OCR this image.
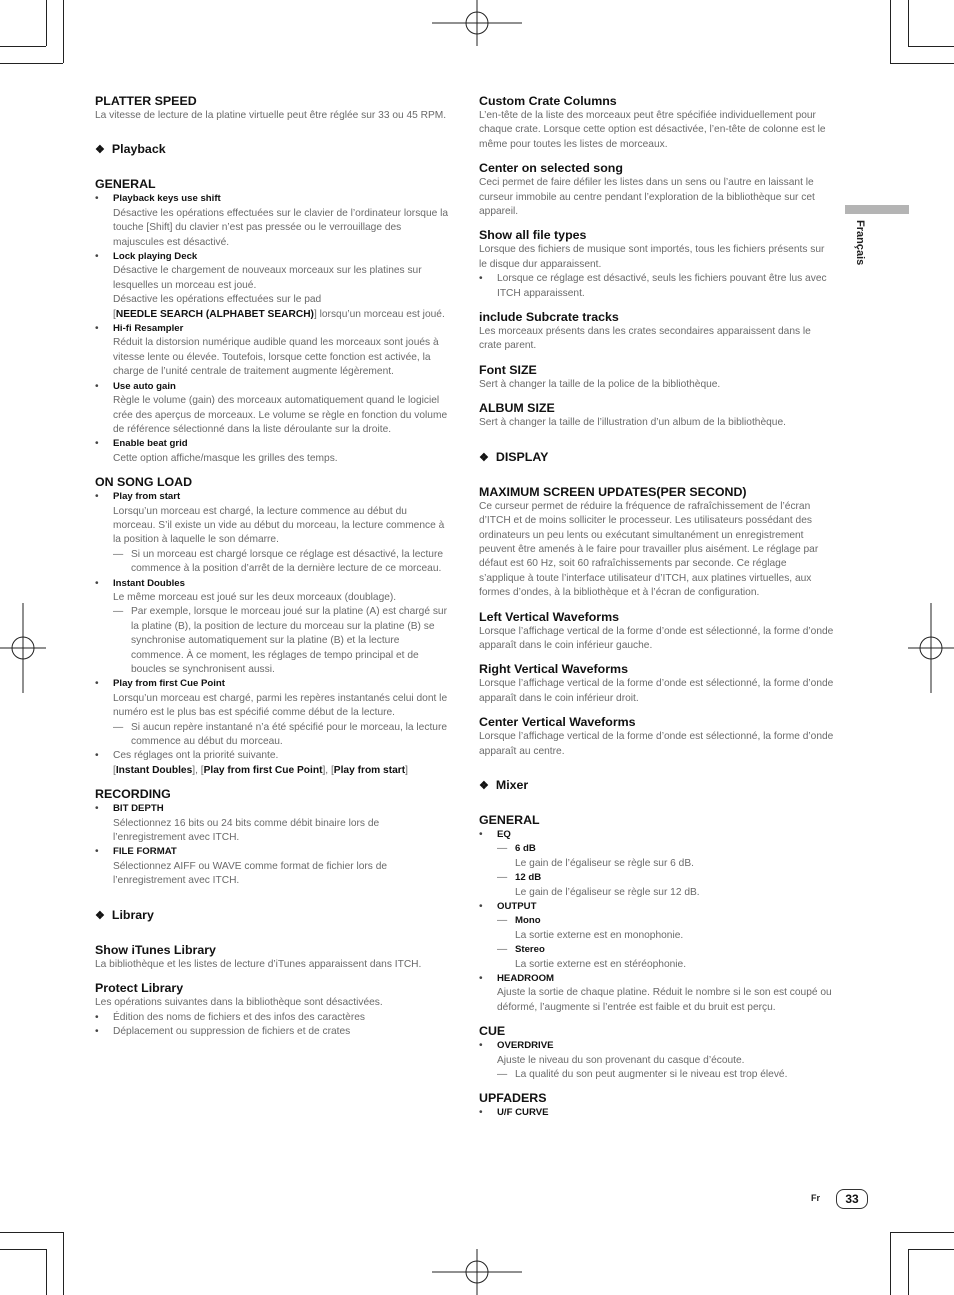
Français
PLATTER SPEED
La vitesse de lecture de la platine virtuelle peut être réglée sur 33 ou 45 RPM.
❖ Playback
GENERAL
•	Playback keys use shift
Désactive les opérations effectuées sur le clavier de l’ordinateur lorsque la touche [Shift] du clavier n’est pas pressée ou le verrouillage des majuscules est désactivé.
•	Lock playing Deck
Désactive le chargement de nouveaux morceaux sur les platines sur lesquelles un morceau est joué.
Désactive les opérations effectuées sur le pad
[NEEDLE SEARCH (ALPHABET SEARCH)] lorsqu’un morceau est joué.
•	Hi-fi Resampler
Réduit la distorsion numérique audible quand les morceaux sont joués à vitesse lente ou élevée. Toutefois, lorsque cette fonction est activée, la charge de l’unité centrale de traitement augmente légèrement.
•	Use auto gain
Règle le volume (gain) des morceaux automatiquement quand le logiciel crée des aperçus de morceaux. Le volume se règle en fonction du volume de référence sélectionné dans la liste déroulante sur la droite.
•	Enable beat grid
Cette option affiche/masque les grilles des temps.
ON SONG LOAD
•	Play from start
Lorsqu’un morceau est chargé, la lecture commence au début du morceau. S’il existe un vide au début du morceau, la lecture commence à la position à laquelle le son démarre.
— Si un morceau est chargé lorsque ce réglage est désactivé, la lecture commence à la position d’arrêt de la dernière lecture de ce morceau.
•	Instant Doubles
Le même morceau est joué sur les deux morceaux (doublage).
— Par exemple, lorsque le morceau joué sur la platine (A) est chargé sur la platine (B), la position de lecture du morceau sur la platine (B) se synchronise automatiquement sur la platine (B) et la lecture commence. À ce moment, les réglages de tempo principal et de boucles se synchronisent aussi.
•	Play from first Cue Point
Lorsqu’un morceau est chargé, parmi les repères instantanés celui dont le numéro est le plus bas est spécifié comme début de la lecture.
— Si aucun repère instantané n’a été spécifié pour le morceau, la lecture commence au début du morceau.
•	Ces réglages ont la priorité suivante.
[Instant Doubles], [Play from first Cue Point], [Play from start]
RECORDING
•	BIT DEPTH
Sélectionnez 16 bits ou 24 bits comme débit binaire lors de l’enregistrement avec ITCH.
•	FILE FORMAT
Sélectionnez AIFF ou WAVE comme format de fichier lors de l’enregistrement avec ITCH.
❖ Library
Show iTunes Library
La bibliothèque et les listes de lecture d’iTunes apparaissent dans ITCH.
Protect Library
Les opérations suivantes dans la bibliothèque sont désactivées.
•	Édition des noms de fichiers et des infos des caractères
•	Déplacement ou suppression de fichiers et de crates
Custom Crate Columns
L’en-tête de la liste des morceaux peut être spécifiée individuellement pour chaque crate. Lorsque cette option est désactivée, l’en-tête de colonne est le même pour toutes les listes de morceaux.
Center on selected song
Ceci permet de faire défiler les listes dans un sens ou l’autre en laissant le curseur immobile au centre pendant l’exploration de la bibliothèque sur cet appareil.
Show all file types
Lorsque des fichiers de musique sont importés, tous les fichiers présents sur le disque dur apparaissent.
•	Lorsque ce réglage est désactivé, seuls les fichiers pouvant être lus avec ITCH apparaissent.
include Subcrate tracks
Les morceaux présents dans les crates secondaires apparaissent dans le crate parent.
Font SIZE
Sert à changer la taille de la police de la bibliothèque.
ALBUM SIZE
Sert à changer la taille de l’illustration d’un album de la bibliothèque.
❖ DISPLAY
MAXIMUM SCREEN UPDATES(PER SECOND)
Ce curseur permet de réduire la fréquence de rafraîchissement de l’écran d’ITCH et de moins solliciter le processeur. Les utilisateurs possédant des ordinateurs un peu lents ou exécutant simultanément un enregistrement peuvent être amenés à le faire pour travailler plus aisément. Le réglage par défaut est 60 Hz, soit 60 rafraîchissements par seconde. Ce réglage s’applique à toute l’interface utilisateur d’ITCH, aux platines virtuelles, aux formes d’ondes, à la bibliothèque et à l’écran de configuration.
Left Vertical Waveforms
Lorsque l’affichage vertical de la forme d’onde est sélectionné, la forme d’onde apparaît dans le coin inférieur gauche.
Right Vertical Waveforms
Lorsque l’affichage vertical de la forme d’onde est sélectionné, la forme d’onde apparaît dans le coin inférieur droit.
Center Vertical Waveforms
Lorsque l’affichage vertical de la forme d’onde est sélectionné, la forme d’onde apparaît au centre.
❖ Mixer
GENERAL
•	EQ
— 6 dB
Le gain de l’égaliseur se règle sur 6 dB.
— 12 dB
Le gain de l’égaliseur se règle sur 12 dB.
•	OUTPUT
— Mono
La sortie externe est en monophonie.
— Stereo
La sortie externe est en stéréophonie.
•	HEADROOM
Ajuste la sortie de chaque platine. Réduit le nombre si le son est coupé ou déformé, l’augmente si l’entrée est faible et du bruit est perçu.
CUE
•	OVERDRIVE
Ajuste le niveau du son provenant du casque d’écoute.
— La qualité du son peut augmenter si le niveau est trop élevé.
UPFADERS
•	U/F CURVE
Fr	33
